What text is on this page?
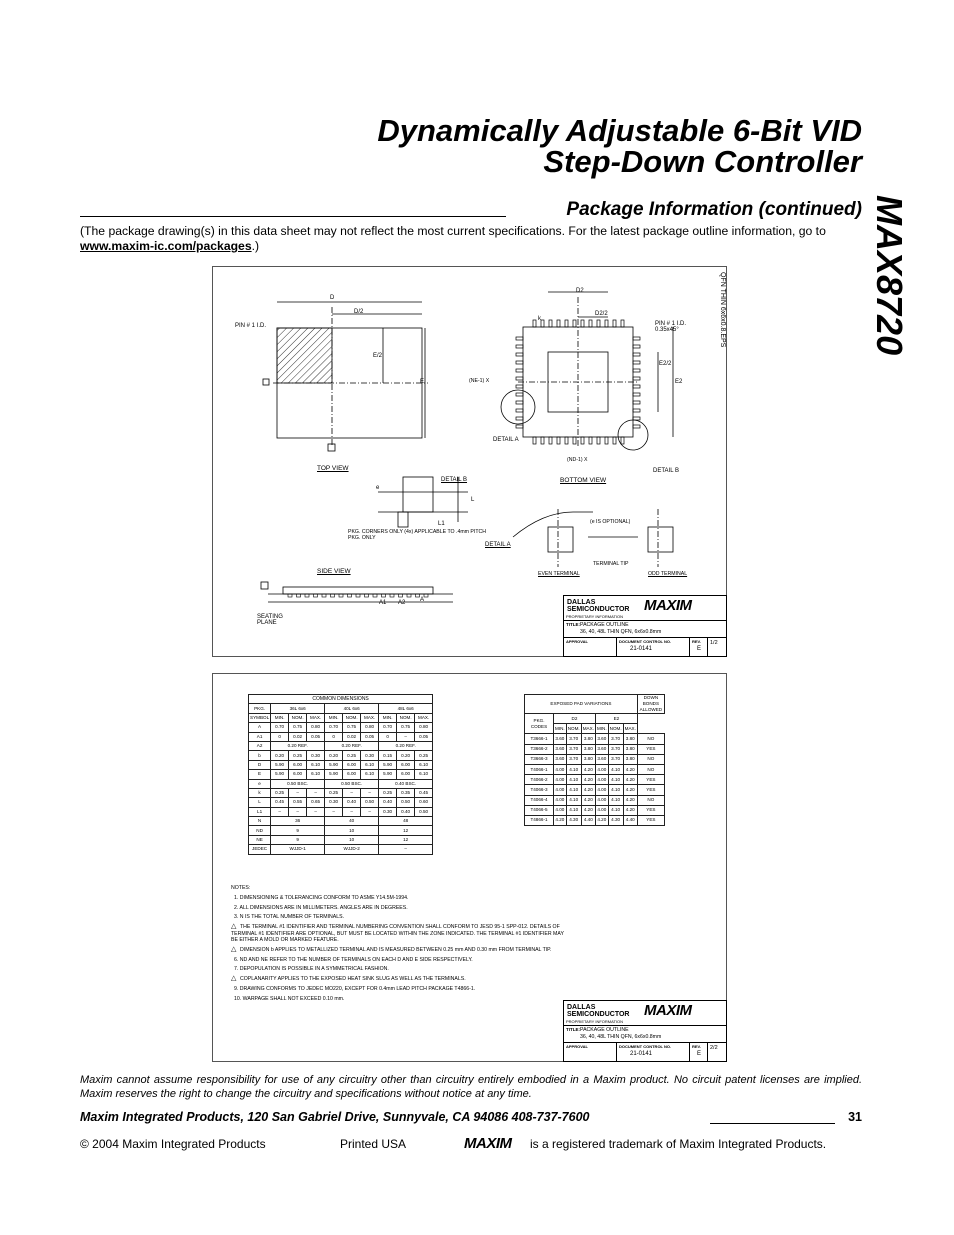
Dynamically Adjustable 6-Bit VID
Step-Down Controller
MAX8720
Package Information (continued)
(The package drawing(s) in this data sheet may not reflect the most current specifications. For the latest package outline information, go to www.maxim-ic.com/packages.)
QFN THIN 6x6x0.8.EPS
TOP VIEW
BOTTOM VIEW
SIDE VIEW
DETAIL A
DETAIL A
DETAIL B
DETAIL B
PIN # 1 I.D.	PIN # 1 I.D. 0.35x45°
SEATING PLANE
PKG. CORNERS ONLY (4x) APPLICABLE TO .4mm PITCH PKG. ONLY
EVEN TERMINAL	ODD TERMINAL
TERMINAL TIP
(NE-1) X
(ND-1) X
(e IS OPTIONAL)
D
D/2
E/2
E
D2
D2/2
E2/2
E2
k
L
L1
A1 A2 A
e
DALLAS SEMICONDUCTOR MAXIM
PROPRIETARY INFORMATION
TITLE: PACKAGE OUTLINE
36, 40, 48L THIN QFN, 6x6x0.8mm
APPROVAL	DOCUMENT CONTROL NO.	REV.
21-0141	E
1/2
COMMON DIMENSIONS									
PKG.	36L 6x6			40L 6x6			48L 6x6		
SYMBOL	MIN.	NOM.	MAX.	MIN.	NOM.	MAX.	MIN.	NOM.	MAX.
A	0.70	0.75	0.80	0.70	0.75	0.80	0.70	0.75	0.80
A1	0	0.02	0.05	0	0.02	0.05	0	–	0.05
A2	0.20 REF.			0.20 REF.			0.20 REF.		
b	0.20	0.25	0.30	0.20	0.25	0.30	0.15	0.20	0.25
D	5.90	6.00	6.10	5.90	6.00	6.10	5.90	6.00	6.10
E	5.90	6.00	6.10	5.90	6.00	6.10	5.90	6.00	6.10
e	0.50 BSC.			0.50 BSC.			0.40 BSC.		
k	0.25	–	–	0.25	–	–	0.25	0.35	0.45
L	0.45	0.55	0.65	0.30	0.40	0.50	0.40	0.50	0.60
L1	–	–	–	–	–	–	0.30	0.40	0.50
N	36			40			48		
ND	9			10			12		
NE	9			10			12		
JEDEC	WJJD-1			WJJD-2			–		
EXPOSED PAD VARIATIONS							DOWN BONDS ALLOWED
PKG. CODES	D2			E2			
	MIN.	NOM.	MAX.	MIN.	NOM.	MAX.	
T3666-1	3.60	3.70	3.80	3.60	3.70	3.80	NO
T3666-2	3.60	3.70	3.80	3.60	3.70	3.80	YES
T3666-3	3.60	3.70	3.80	3.60	3.70	3.80	NO
T4066-1	4.00	4.10	4.20	4.00	4.10	4.20	NO
T4066-2	4.00	4.10	4.20	4.00	4.10	4.20	YES
T4066-3	4.00	4.10	4.20	4.00	4.10	4.20	YES
T4066-4	4.00	4.10	4.20	4.00	4.10	4.20	NO
T4066-5	4.00	4.10	4.20	4.00	4.10	4.20	YES
T4866-1	4.20	4.30	4.40	4.20	4.30	4.40	YES
NOTES:
1. DIMENSIONING & TOLERANCING CONFORM TO ASME Y14.5M-1994.
2. ALL DIMENSIONS ARE IN MILLIMETERS. ANGLES ARE IN DEGREES.
3. N IS THE TOTAL NUMBER OF TERMINALS.
△ THE TERMINAL #1 IDENTIFIER AND TERMINAL NUMBERING CONVENTION SHALL CONFORM TO JESD 95-1 SPP-012. DETAILS OF TERMINAL #1 IDENTIFIER ARE OPTIONAL, BUT MUST BE LOCATED WITHIN THE ZONE INDICATED. THE TERMINAL #1 IDENTIFIER MAY BE EITHER A MOLD OR MARKED FEATURE.
△ DIMENSION b APPLIES TO METALLIZED TERMINAL AND IS MEASURED BETWEEN 0.25 mm AND 0.30 mm FROM TERMINAL TIP.
6. ND AND NE REFER TO THE NUMBER OF TERMINALS ON EACH D AND E SIDE RESPECTIVELY.
7. DEPOPULATION IS POSSIBLE IN A SYMMETRICAL FASHION.
△ COPLANARITY APPLIES TO THE EXPOSED HEAT SINK SLUG AS WELL AS THE TERMINALS.
9. DRAWING CONFORMS TO JEDEC MO220, EXCEPT FOR 0.4mm LEAD PITCH PACKAGE T4866-1.
10. WARPAGE SHALL NOT EXCEED 0.10 mm.
DALLAS SEMICONDUCTOR MAXIM
PROPRIETARY INFORMATION
TITLE: PACKAGE OUTLINE
36, 40, 48L THIN QFN, 6x6x0.8mm
APPROVAL	DOCUMENT CONTROL NO.	REV.
21-0141	E
2/2
Maxim cannot assume responsibility for use of any circuitry other than circuitry entirely embodied in a Maxim product. No circuit patent licenses are implied. Maxim reserves the right to change the circuitry and specifications without notice at any time.
Maxim Integrated Products, 120 San Gabriel Drive, Sunnyvale, CA 94086 408-737-7600	31
© 2004 Maxim Integrated Products	Printed USA	MAXIM is a registered trademark of Maxim Integrated Products.
